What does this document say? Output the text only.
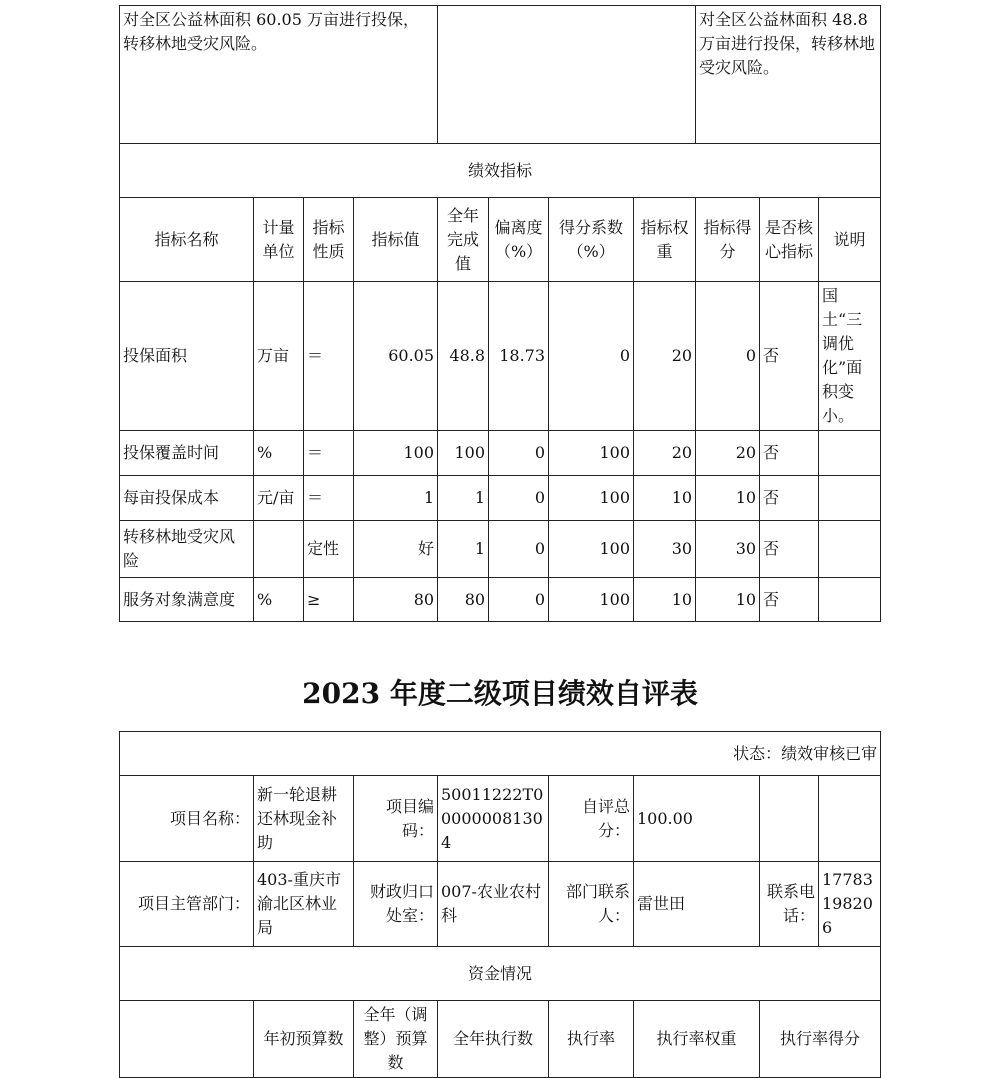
对全区公益林面积 60.05 万亩进行投保，转移林地受灾风险。								对全区公益林面积 48.8 万亩进行投保，转移林地受灾风险。		
绩效指标										
指标名称	计量单位	指标性质	指标值	全年完成值	偏离度（%）	得分系数（%）	指标权重	指标得分	是否核心指标	说明
投保面积	万亩	＝	60.05	48.8	18.73	0	20	0	否	国土“三调优化”面积变小。
投保覆盖时间	%	＝	100	100	0	100	20	20	否	
每亩投保成本	元/亩	＝	1	1	0	100	10	10	否	
转移林地受灾风险		定性	好	1	0	100	30	30	否	
服务对象满意度	%	≥	80	80	0	100	10	10	否	
2023 年度二级项目绩效自评表
状态：绩效审核已审							
项目名称：	新一轮退耕还林现金补助	项目编码：	50011222T000000081304	自评总分：	100.00		
项目主管部门：	403-重庆市渝北区林业局	财政归口处室：	007-农业农村科	部门联系人：	雷世田	联系电话：	17783198206
资金情况							
	年初预算数	全年（调整）预算数	全年执行数	执行率	执行率权重	执行率得分	
